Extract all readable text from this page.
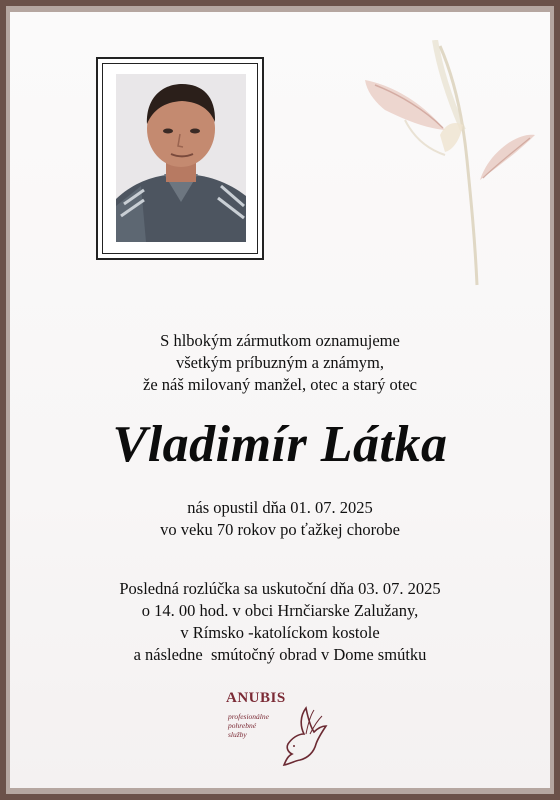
S hlbokým zármutkom oznamujeme
všetkým príbuzným a známym,
že náš milovaný manžel, otec a starý otec
Vladimír Látka
nás opustil dňa 01. 07. 2025
vo veku 70 rokov po ťažkej chorobe
Posledná rozlúčka sa uskutoční dňa 03. 07. 2025
o 14. 00 hod. v obci Hrnčiarske Zalužany,
v Rímsko -katolíckom kostole
a následne  smútočný obrad v Dome smútku
ANUBIS
profesionálne
pohrebné
služby
